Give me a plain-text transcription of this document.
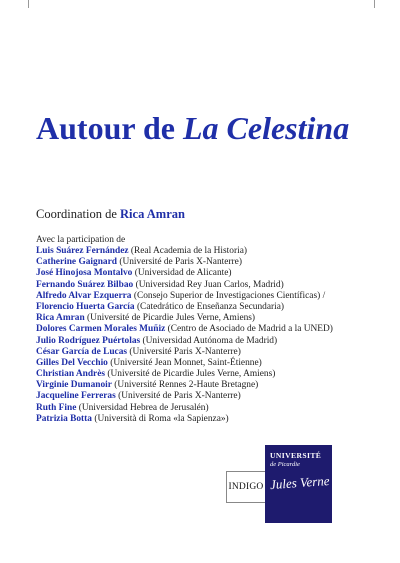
Autour de La Celestina
Coordination de Rica Amran
Avec la participation de
Luis Suárez Fernández (Real Academia de la Historia)
Catherine Gaignard (Université de Paris X-Nanterre)
José Hinojosa Montalvo (Universidad de Alicante)
Fernando Suárez Bilbao (Universidad Rey Juan Carlos, Madrid)
Alfredo Alvar Ezquerra (Consejo Superior de Investigaciones Científicas) /
Florencio Huerta García (Catedrático de Enseñanza Secundaria)
Rica Amran (Université de Picardie Jules Verne, Amiens)
Dolores Carmen Morales Muñiz (Centro de Asociado de Madrid a la UNED)
Julio Rodríguez Puértolas (Universidad Autónoma de Madrid)
César García de Lucas (Université Paris X-Nanterre)
Gilles Del Vecchio (Université Jean Monnet, Saint-Étienne)
Christian Andrès (Université de Picardie Jules Verne, Amiens)
Virginie Dumanoir (Université Rennes 2-Haute Bretagne)
Jacqueline Ferreras (Université de Paris X-Nanterre)
Ruth Fine (Universidad Hebrea de Jerusalén)
Patrizia Botta (Università di Roma «la Sapienza»)
INDIGO
UNIVERSITÉ
de Picardie
Jules Verne
